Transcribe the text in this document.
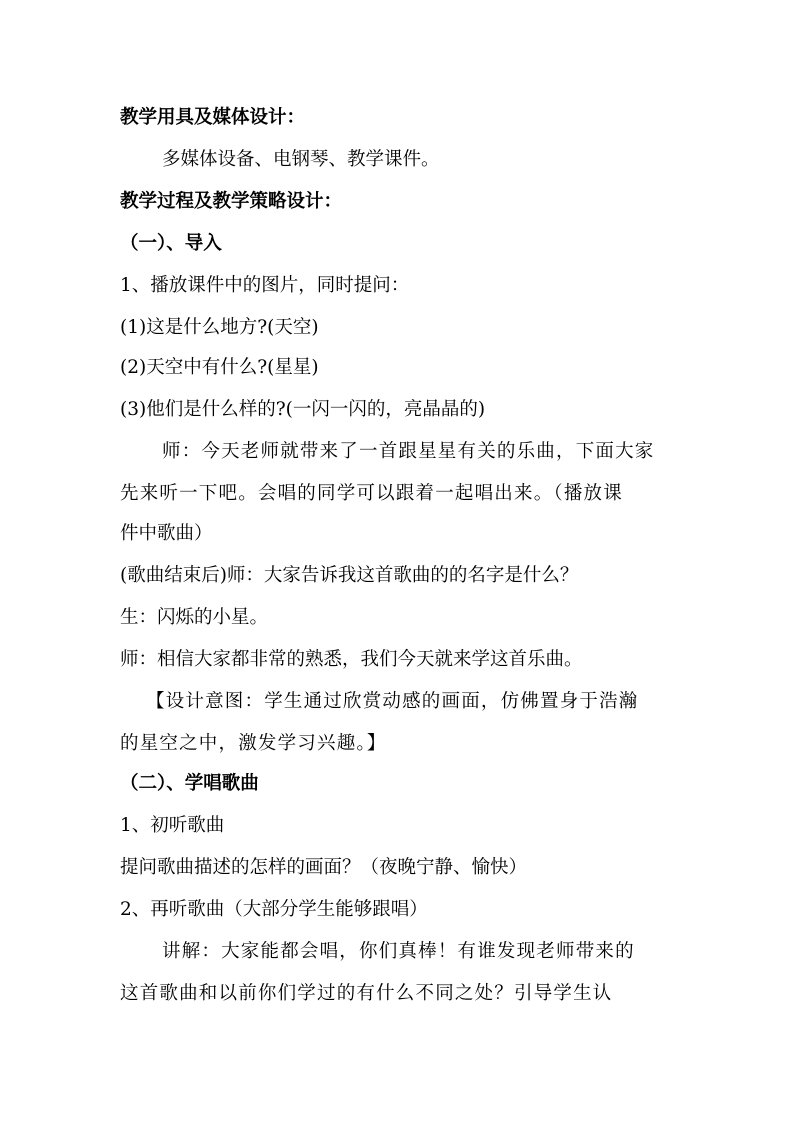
教学用具及媒体设计：
多媒体设备、电钢琴、教学课件。
教学过程及教学策略设计：
（一）、导入
1、播放课件中的图片，同时提问：
(1)这是什么地方?(天空)
(2)天空中有什么?(星星)
(3)他们是什么样的?(一闪一闪的，亮晶晶的)
师：今天老师就带来了一首跟星星有关的乐曲，下面大家
先来听一下吧。会唱的同学可以跟着一起唱出来。（播放课
件中歌曲）
(歌曲结束后)师：大家告诉我这首歌曲的的名字是什么？
生：闪烁的小星。
师：相信大家都非常的熟悉，我们今天就来学这首乐曲。
【设计意图：学生通过欣赏动感的画面，仿佛置身于浩瀚
的星空之中，激发学习兴趣。】
（二）、学唱歌曲
1、初听歌曲
提问歌曲描述的怎样的画面？（夜晚宁静、愉快）
2、再听歌曲（大部分学生能够跟唱）
讲解：大家能都会唱，你们真棒！有谁发现老师带来的
这首歌曲和以前你们学过的有什么不同之处？引导学生认
